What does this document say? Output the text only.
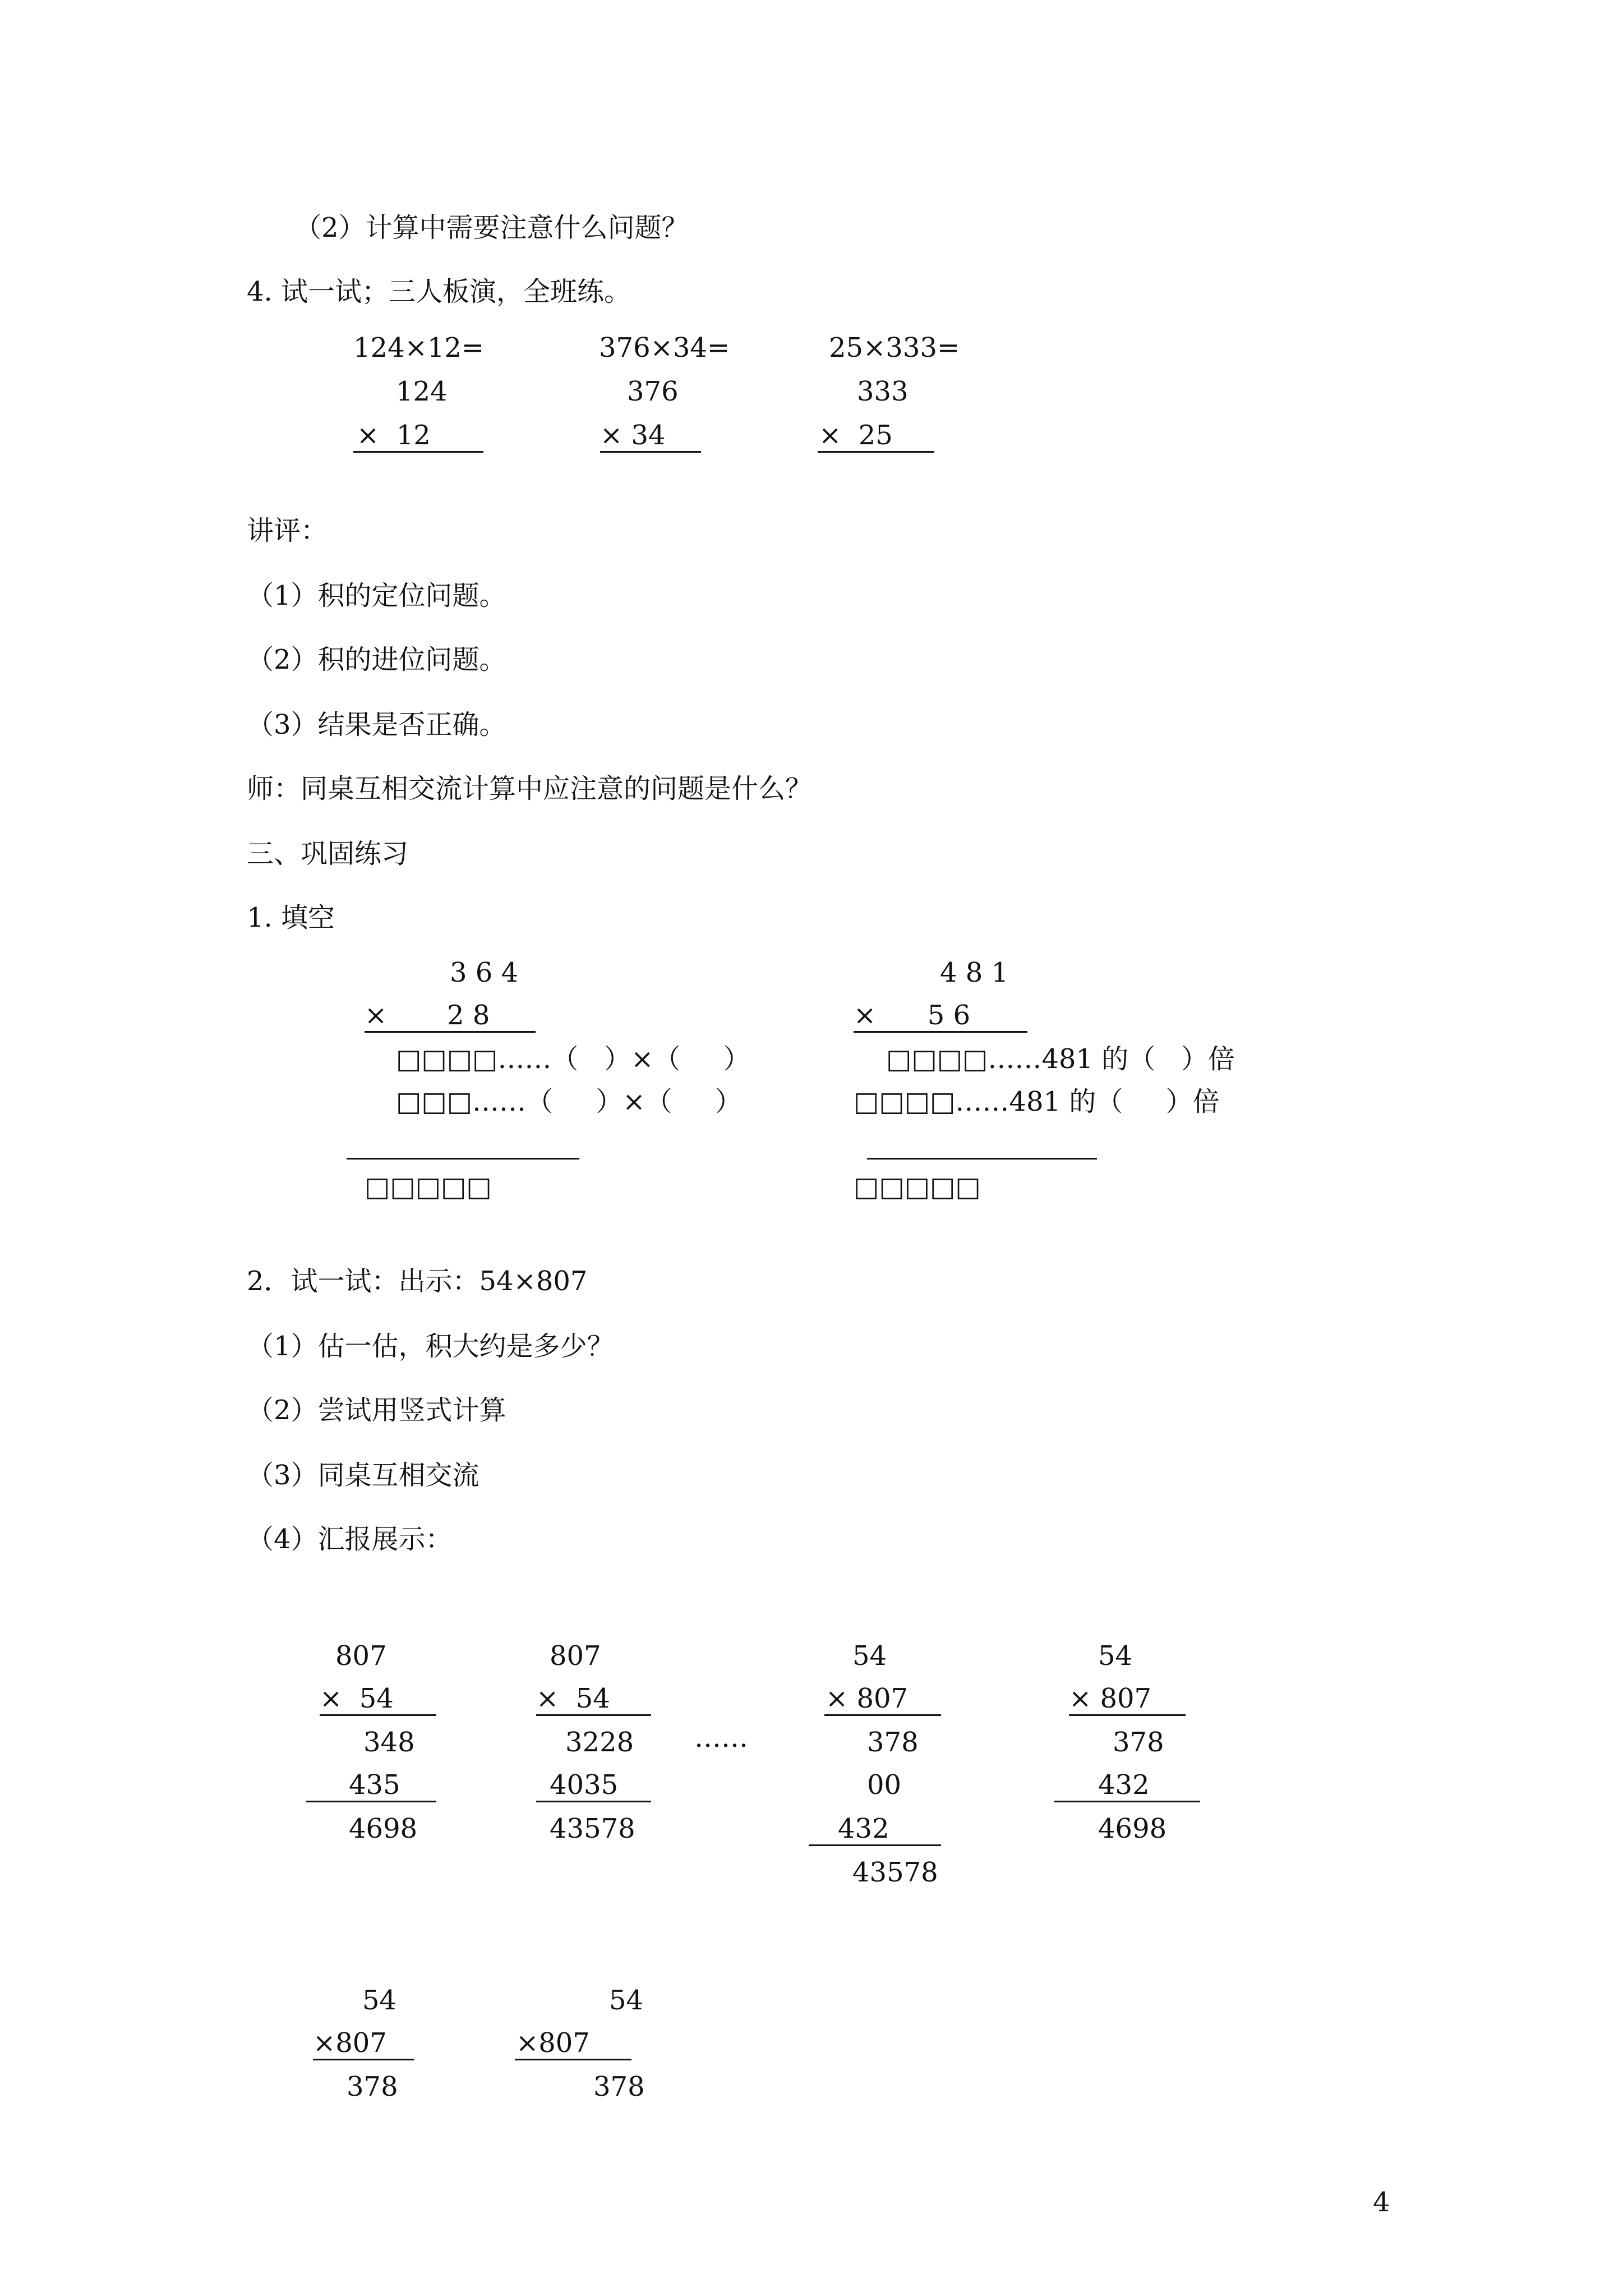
（2）计算中需要注意什么问题？
4. 试一试；三人板演，全班练。
124×12=	376×34=	25×333=
124	376	333
×  12	× 34	×  25
讲评：
（1）积的定位问题。
（2）积的进位问题。
（3）结果是否正确。
师：同桌互相交流计算中应注意的问题是什么？
三、巩固练习
1. 填空
3 6 4
×       2 8
□□□□……（   ）×（     ）
□□□……（     ）×（     ）
□□□□□
4 8 1
×      5 6
□□□□……481 的（   ）倍
□□□□……481 的（     ）倍
□□□□□
2．试一试：出示：54×807
（1）估一估，积大约是多少？
（2）尝试用竖式计算
（3）同桌互相交流
（4）汇报展示：
807
×  54
348
435
4698
807
×  54
3228
4035
43578
……
54
× 807
378
00
432
43578
54
× 807
378
432
4698
54
×807
378
54
×807
378
4
